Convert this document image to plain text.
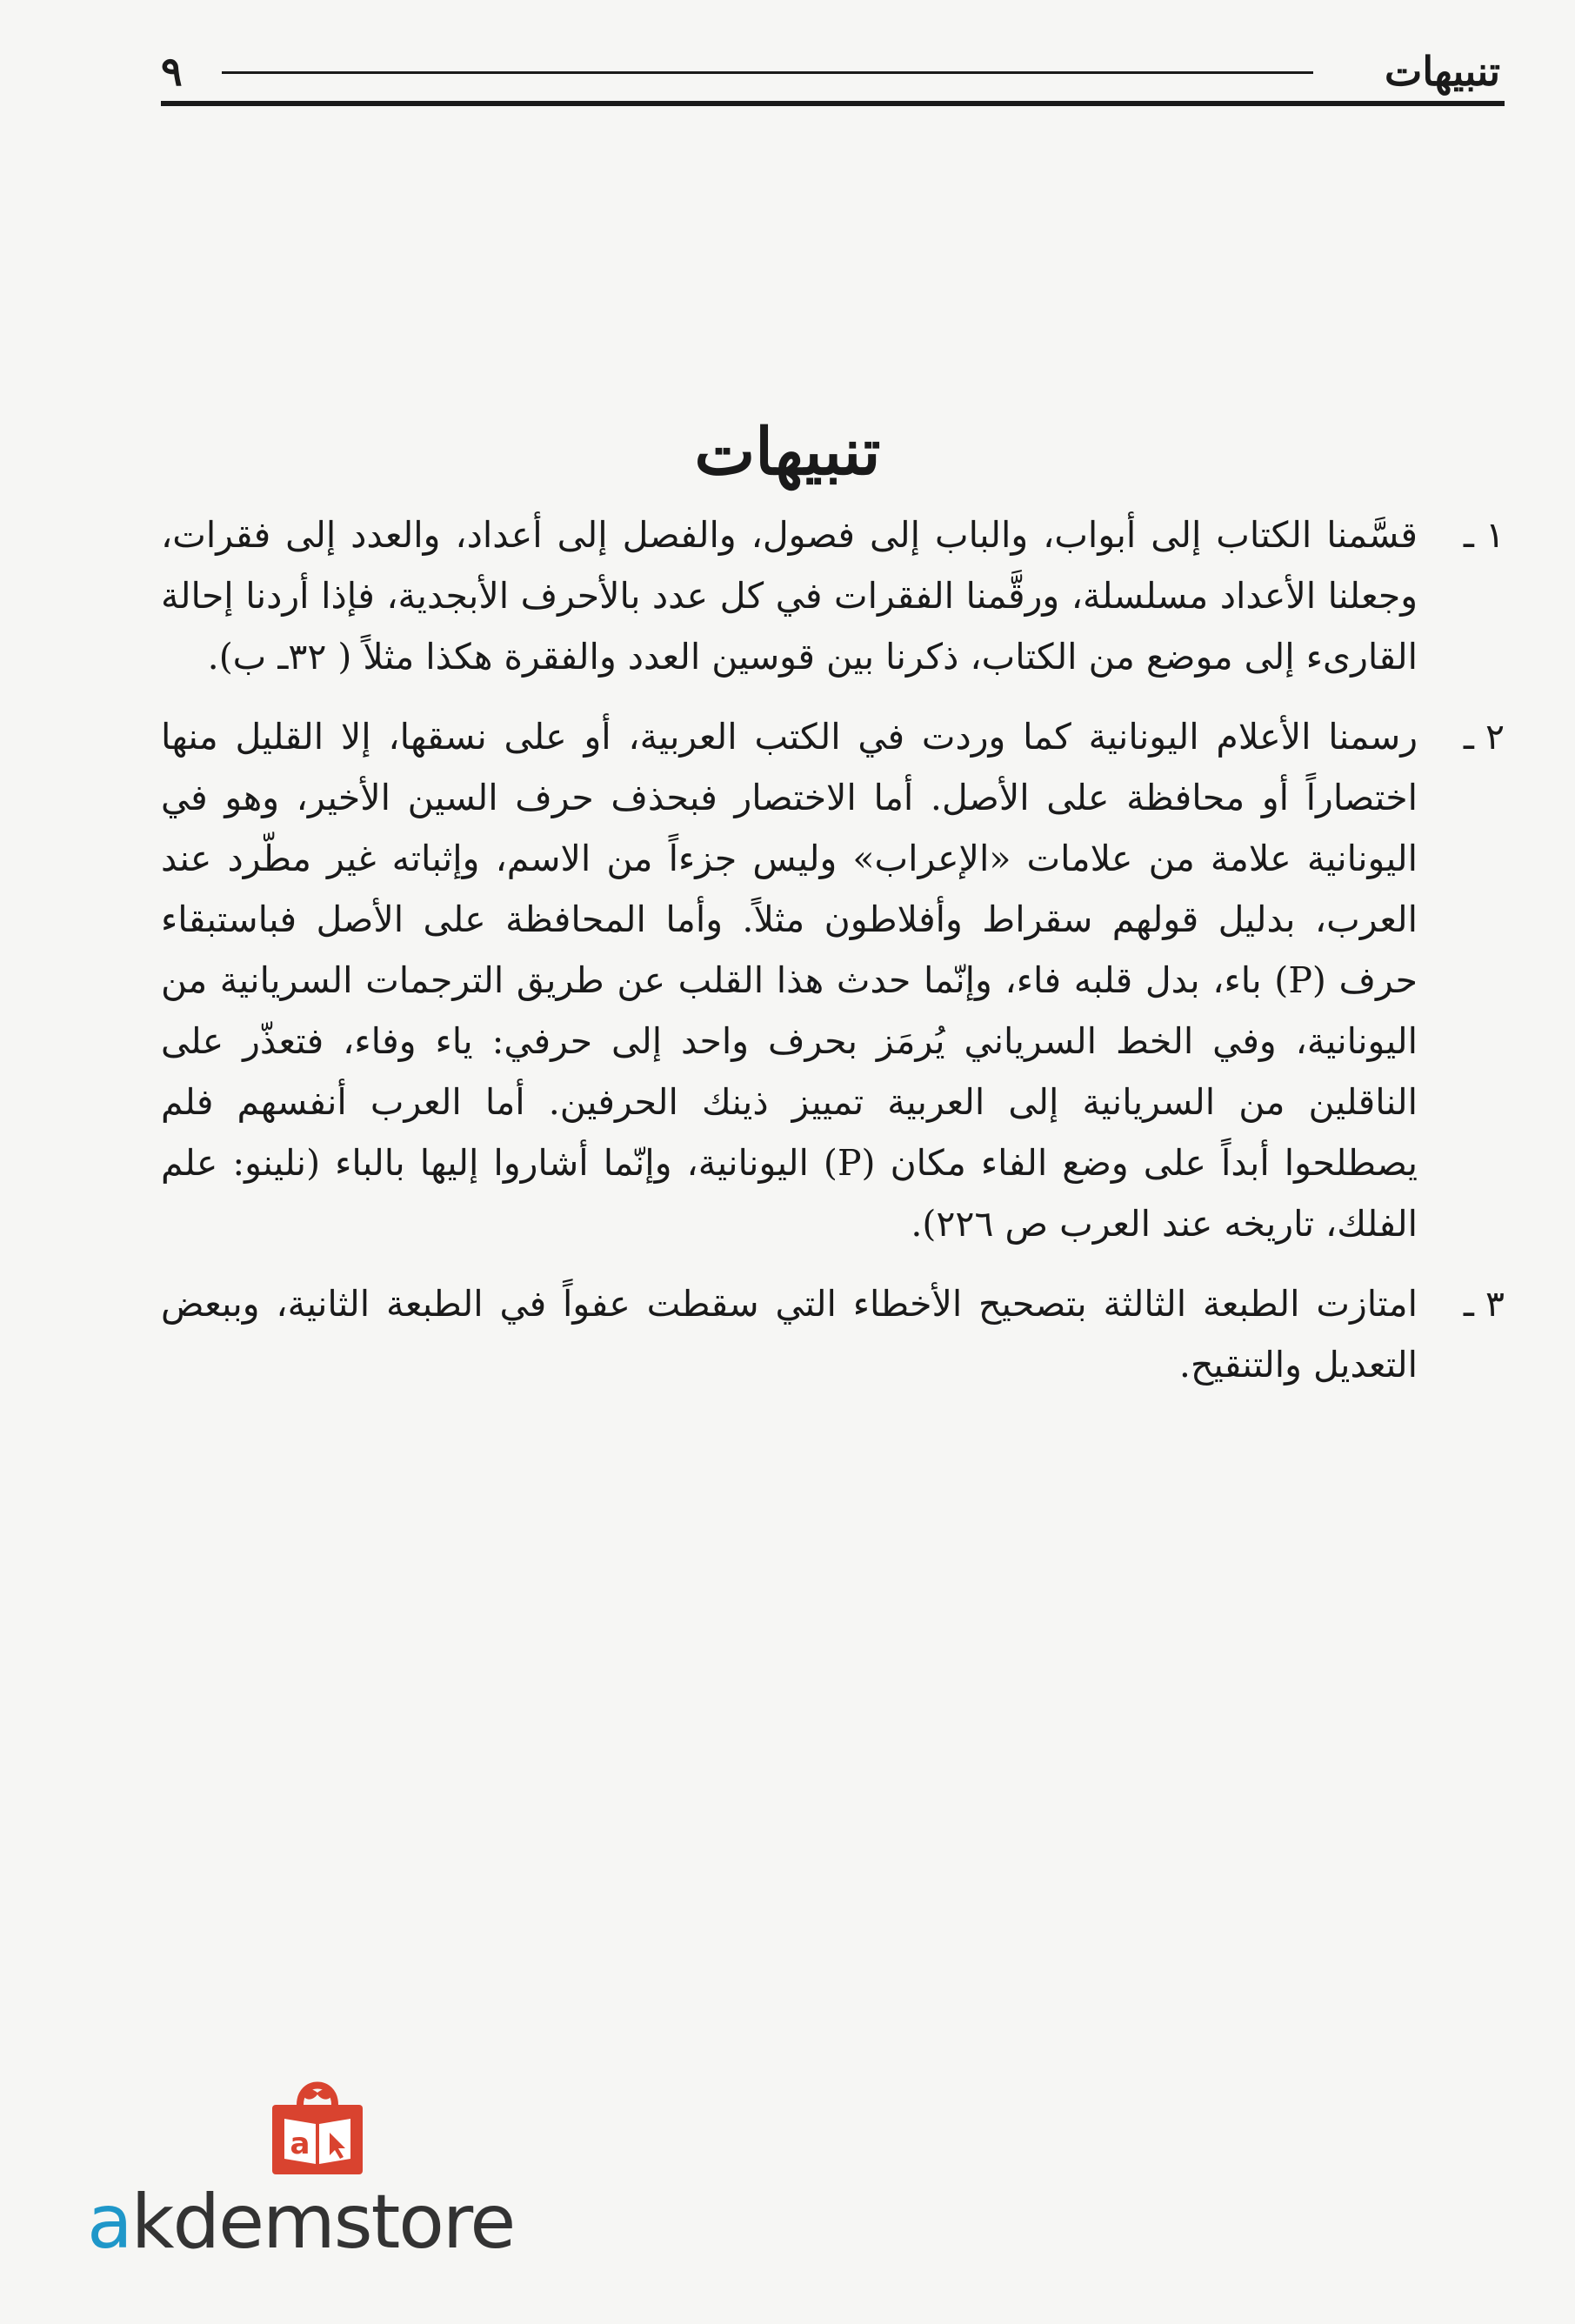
تنبيهات
٩
تنبيهات
١ ـ
قسَّمنا الكتاب إلى أبواب، والباب إلى فصول، والفصل إلى أعداد، والعدد إلى فقرات، وجعلنا الأعداد مسلسلة، ورقَّمنا الفقرات في كل عدد بالأحرف الأبجدية، فإذا أردنا إحالة القارىء إلى موضع من الكتاب، ذكرنا بين قوسين العدد والفقرة هكذا مثلاً ( ٣٢ـ ب).
٢ ـ
رسمنا الأعلام اليونانية كما وردت في الكتب العربية، أو على نسقها، إلا القليل منها اختصاراً أو محافظة على الأصل. أما الاختصار فبحذف حرف السين الأخير، وهو في اليونانية علامة من علامات «الإعراب» وليس جزءاً من الاسم، وإثباته غير مطّرد عند العرب، بدليل قولهم سقراط وأفلاطون مثلاً. وأما المحافظة على الأصل فباستبقاء حرف (P) باء، بدل قلبه فاء، وإنّما حدث هذا القلب عن طريق الترجمات السريانية من اليونانية، وفي الخط السرياني يُرمَز بحرف واحد إلى حرفي: ياء وفاء، فتعذّر على الناقلين من السريانية إلى العربية تمييز ذينك الحرفين. أما العرب أنفسهم فلم يصطلحوا أبداً على وضع الفاء مكان (P) اليونانية، وإنّما أشاروا إليها بالباء (نلينو: علم الفلك، تاريخه عند العرب ص ٢٢٦).
٣ ـ
امتازت الطبعة الثالثة بتصحيح الأخطاء التي سقطت عفواً في الطبعة الثانية، وببعض التعديل والتنقيح.
a
akdemstore
